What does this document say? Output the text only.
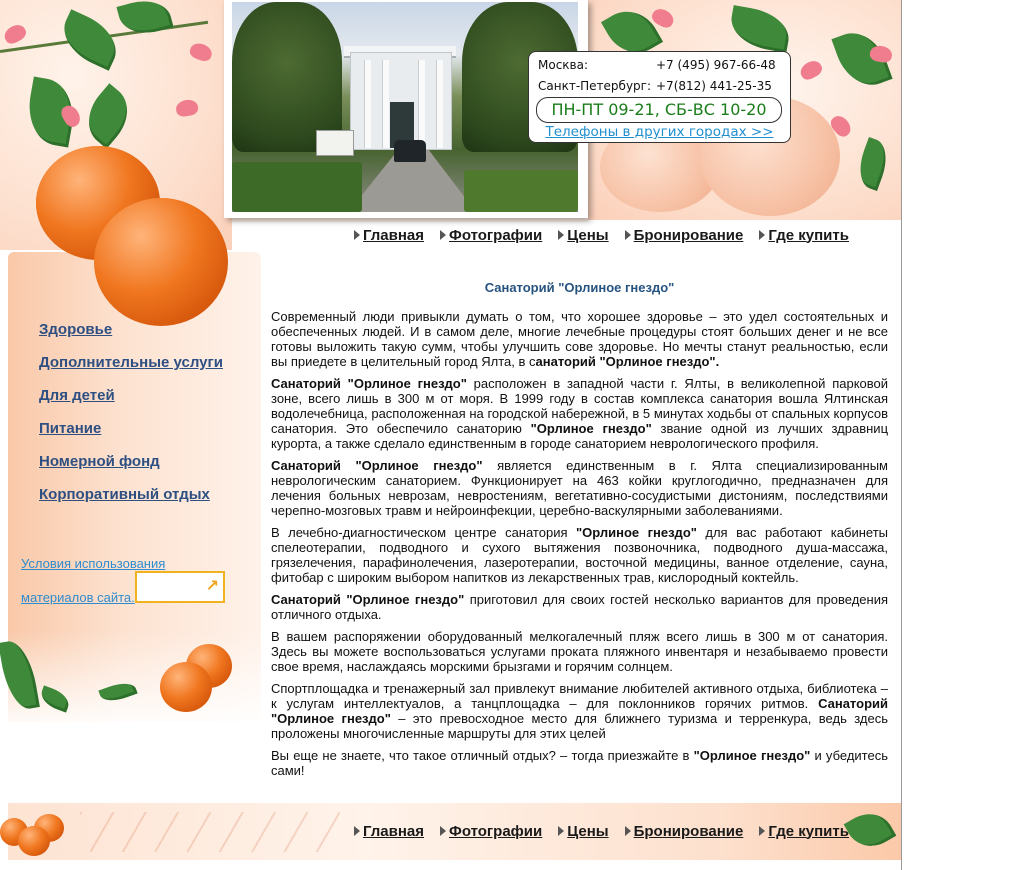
Москва:	+7 (495) 967-66-48
Санкт-Петербург: +7(812) 441-25-35
ПН-ПТ 09-21, СБ-ВС 10-20
Телефоны в других городах >>
Главная Фотографии Цены Бронирование Где купить
Здоровье
Дополнительные услуги
Для детей
Питание
Номерной фонд
Корпоративный отдых
Условия использования
материалов сайта.
↗
Санаторий "Орлиное гнездо"

Современный люди привыкли думать о том, что хорошее здоровье – это удел состоятельных и обеспеченных людей. И в самом деле, многие лечебные процедуры стоят больших денег и не все готовы выложить такую сумм, чтобы улучшить сове здоровье. Но мечты станут реальностью, если вы приедете в целительный город Ялта, в санаторий "Орлиное гнездо".

Санаторий "Орлиное гнездо" расположен в западной части г. Ялты, в великолепной парковой зоне, всего лишь в 300 м от моря. В 1999 году в состав комплекса санатория вошла Ялтинская водолечебница, расположенная на городской набережной, в 5 минутах ходьбы от спальных корпусов санатория. Это обеспечило санаторию "Орлиное гнездо" звание одной из лучших здравниц курорта, а также сделало единственным в городе санаторием неврологического профиля.

Санаторий "Орлиное гнездо" является единственным в г. Ялта специализированным неврологическим санаторием. Функционирует на 463 койки круглогодично, предназначен для лечения больных неврозам, невростениям, вегетативно-сосудистыми дистониям, последствиями черепно-мозговых травм и нейроинфекции, церебно-васкулярными заболеваниями.

В лечебно-диагностическом центре санатория "Орлиное гнездо" для вас работают кабинеты спелеотерапии, подводного и сухого вытяжения позвоночника, подводного душа-массажа, грязелечения, парафинолечения, лазеротерапии, восточной медицины, ванное отделение, сауна, фитобар с широким выбором напитков из лекарственных трав, кислородный коктейль.

Санаторий "Орлиное гнездо" приготовил для своих гостей несколько вариантов для проведения отличного отдыха.

В вашем распоряжении оборудованный мелкогалечный пляж всего лишь в 300 м от санатория. Здесь вы можете воспользоваться услугами проката пляжного инвентаря и незабываемо провести свое время, наслаждаясь морскими брызгами и горячим солнцем.

Спортплощадка и тренажерный зал привлекут внимание любителей активного отдыха, библиотека – к услугам интеллектуалов, а танцплощадка – для поклонников горячих ритмов. Санаторий "Орлиное гнездо" – это превосходное место для ближнего туризма и терренкура, ведь здесь проложены многочисленные маршруты для этих целей

Вы еще не знаете, что такое отличный отдых? – тогда приезжайте в "Орлиное гнездо" и убедитесь сами!

Главная Фотографии Цены Бронирование Где купить
